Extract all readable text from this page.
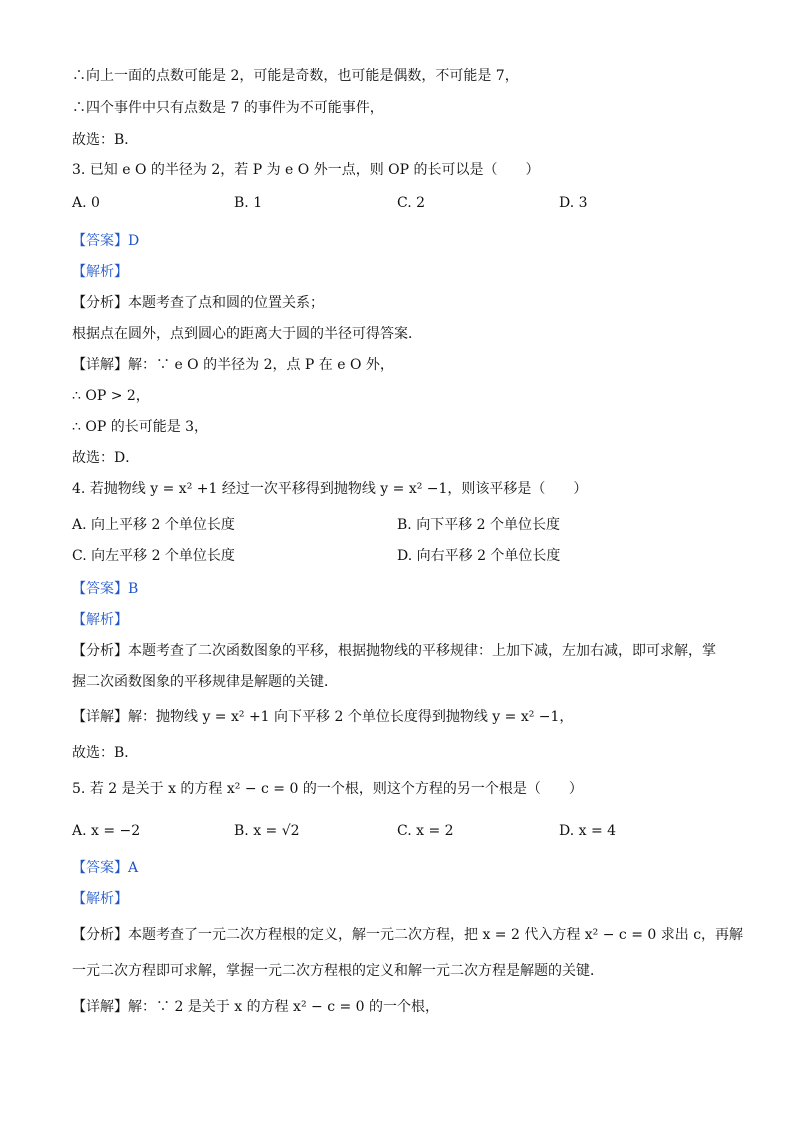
∴向上一面的点数可能是 2，可能是奇数，也可能是偶数，不可能是 7，
∴四个事件中只有点数是 7 的事件为不可能事件，
故选：B．
3. 已知 e O 的半径为 2，若 P 为 e O 外一点，则 OP 的长可以是（　　）
【答案】D
【解析】
【分析】本题考查了点和圆的位置关系；
根据点在圆外，点到圆心的距离大于圆的半径可得答案．
【详解】解：∵ e O 的半径为 2，点 P 在 e O 外，
∴ OP > 2，
∴ OP 的长可能是 3，
故选：D．
4. 若抛物线 y = x² +1 经过一次平移得到抛物线 y = x² −1，则该平移是（　　）
【答案】B
【解析】
【分析】本题考查了二次函数图象的平移，根据抛物线的平移规律：上加下减，左加右减，即可求解，掌
握二次函数图象的平移规律是解题的关键．
【详解】解：抛物线 y = x² +1 向下平移 2 个单位长度得到抛物线 y = x² −1，
故选：B．
5. 若 2 是关于 x 的方程 x² − c = 0 的一个根，则这个方程的另一个根是（　　）
【答案】A
【解析】
【分析】本题考查了一元二次方程根的定义，解一元二次方程，把 x = 2 代入方程 x² − c = 0 求出 c，再解
一元二次方程即可求解，掌握一元二次方程根的定义和解一元二次方程是解题的关键．
【详解】解：∵ 2 是关于 x 的方程 x² − c = 0 的一个根，
A. 0	B. 1	C. 2	D. 3
A. 向上平移 2 个单位长度	B. 向下平移 2 个单位长度
C. 向左平移 2 个单位长度	D. 向右平移 2 个单位长度
A. x = −2	B. x = √2	C. x = 2	D. x = 4
